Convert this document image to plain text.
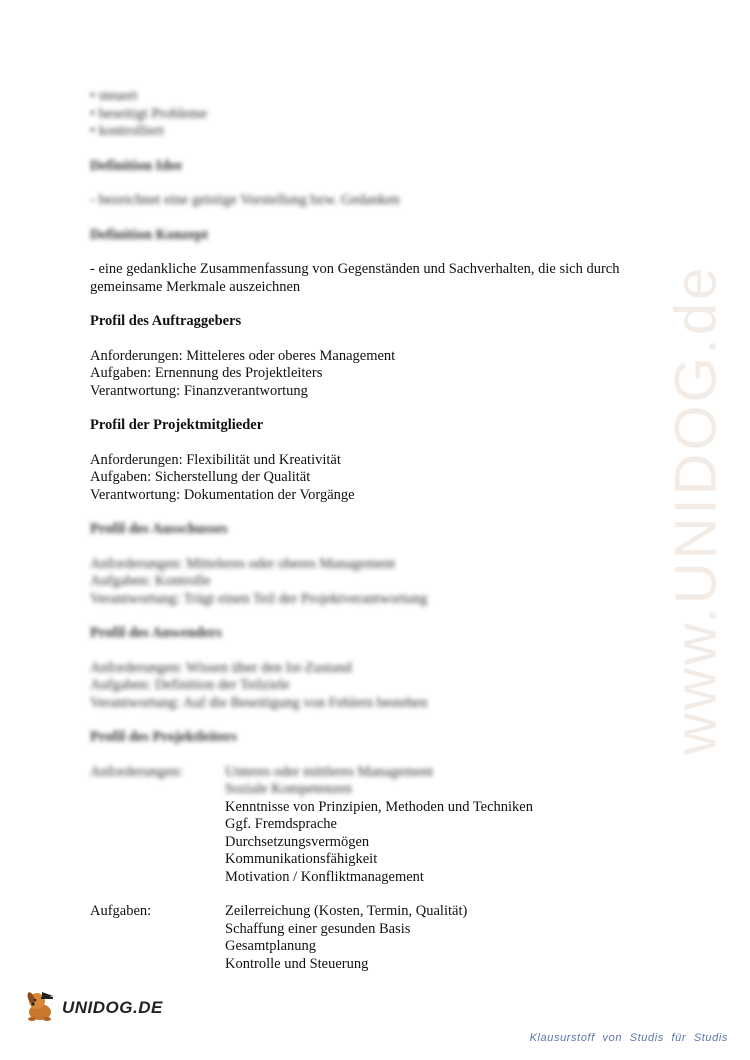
• steuert

• beseitigt Probleme

• kontrolliert

Definition Idee

- bezeichnet eine geistige Vorstellung bzw. Gedanken

Definition Konzept

- eine gedankliche Zusammenfassung von Gegenständen und Sachverhalten, die sich durch gemeinsame Merkmale auszeichnen

Profil des Auftraggebers

Anforderungen: Mitteleres oder oberes Management

Aufgaben: Ernennung des Projektleiters

Verantwortung: Finanzverantwortung

Profil der Projektmitglieder

Anforderungen: Flexibilität und Kreativität

Aufgaben: Sicherstellung der Qualität

Verantwortung: Dokumentation der Vorgänge

Profil des Ausschusses

Anforderungen: Mitteleres oder oberes Management

Aufgaben: Kontrolle

Verantwortung: Trägt einen Teil der Projektverantwortung

Profil des Anwenders

Anforderungen: Wissen über den Ist-Zustand

Aufgaben: Definition der Teilziele

Verantwortung: Auf die Beseitigung von Fehlern bestehen

Profil des Projektleiters
Anforderungen:	Unteres oder mittleres Management

Soziale Kompetenzen

Kenntnisse von Prinzipien, Methoden und Techniken

Ggf. Fremdsprache

Durchsetzungsvermögen

Kommunikationsfähigkeit

Motivation / Konfliktmanagement

Aufgaben:	Zeilerreichung (Kosten, Termin, Qualität)

Schaffung einer gesunden Basis

Gesamtplanung

Kontrolle und Steuerung

www.UNIDOG.de
UNIDOG.DE
Klausurstoff von Studis für Studis
